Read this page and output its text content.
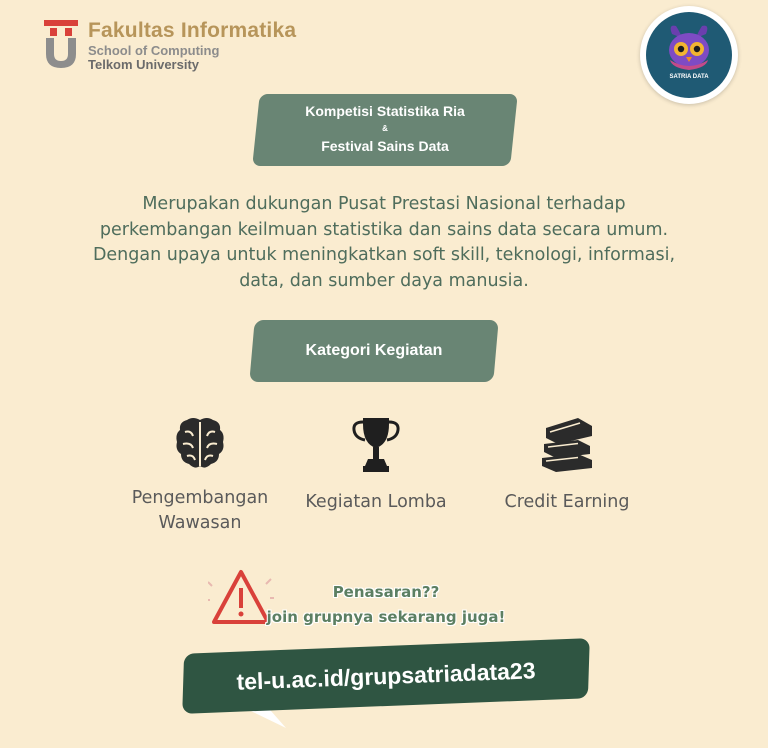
Fakultas Informatika
School of Computing
Telkom University
SATRIA DATA
Kompetisi Statistika Ria
&
Festival Sains Data
Merupakan dukungan Pusat Prestasi Nasional terhadap perkembangan keilmuan statistika dan sains data secara umum. Dengan upaya untuk meningkatkan soft skill, teknologi, informasi, data, dan sumber daya manusia.
Kategori Kegiatan
Pengembangan
Wawasan
Kegiatan Lomba	Credit Earning
Penasaran??
join grupnya sekarang juga!
tel-u.ac.id/grupsatriadata23
